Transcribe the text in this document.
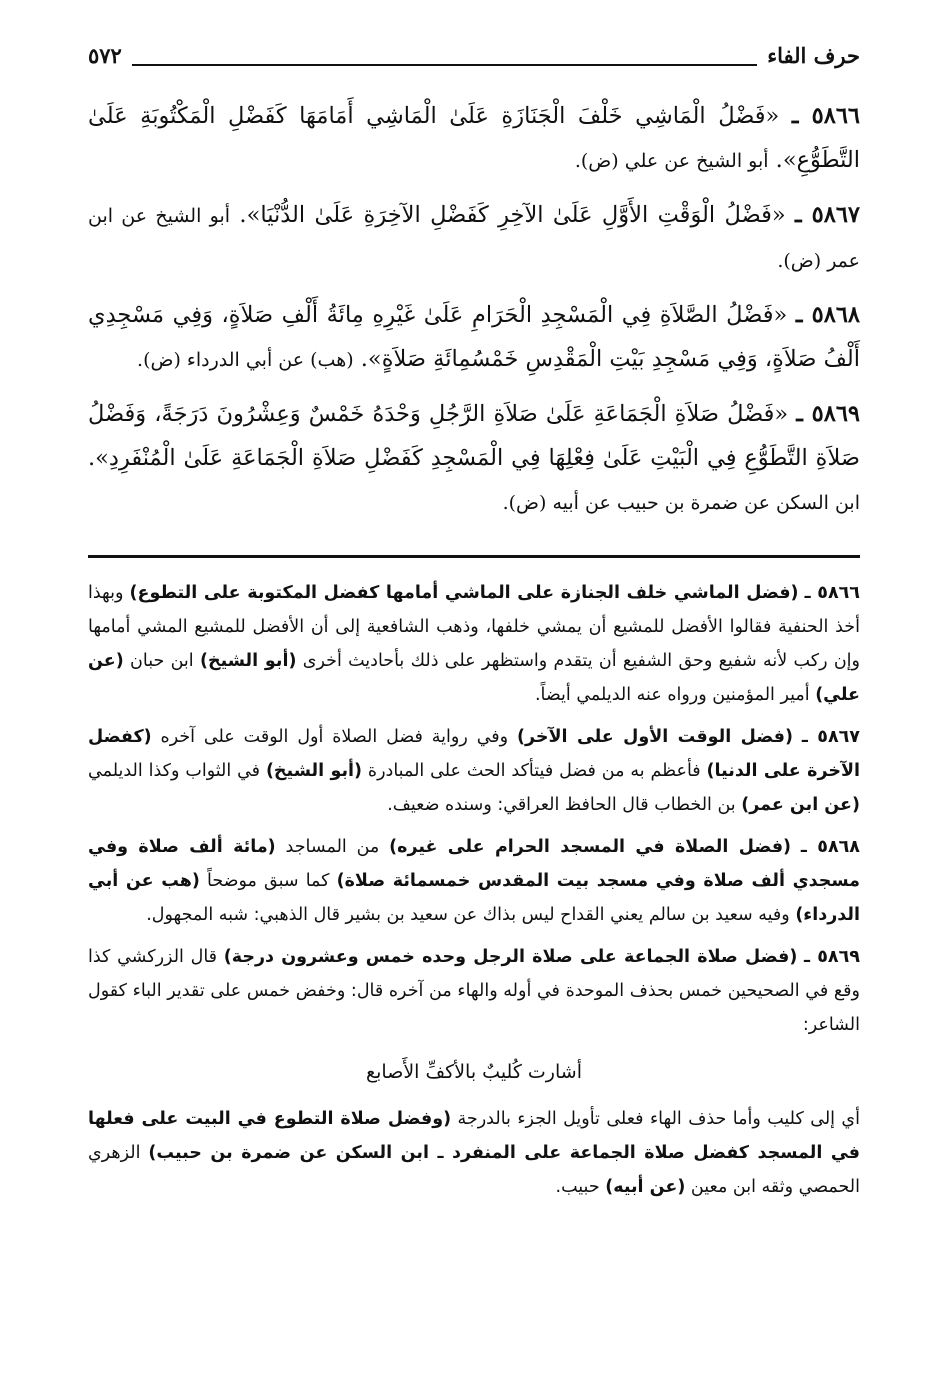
حرف الفاء
٥٧٢

٥٨٦٦ ـ «فَضْلُ الْمَاشِي خَلْفَ الْجَنَازَةِ عَلَىٰ الْمَاشِي أَمَامَهَا كَفَضْلِ الْمَكْتُوبَةِ عَلَىٰ التَّطَوُّعِ». أبو الشيخ عن علي (ض).

٥٨٦٧ ـ «فَضْلُ الْوَقْتِ الأَوَّلِ عَلَىٰ الآخِرِ كَفَضْلِ الآخِرَةِ عَلَىٰ الدُّنْيَا». أبو الشيخ عن ابن عمر (ض).

٥٨٦٨ ـ «فَضْلُ الصَّلاَةِ فِي الْمَسْجِدِ الْحَرَامِ عَلَىٰ غَيْرِهِ مِائَةُ أَلْفِ صَلاَةٍ، وَفِي مَسْجِدِي أَلْفُ صَلاَةٍ، وَفِي مَسْجِدِ بَيْتِ الْمَقْدِسِ خَمْسُمِائَةِ صَلاَةٍ». (هب) عن أبي الدرداء (ض).

٥٨٦٩ ـ «فَضْلُ صَلاَةِ الْجَمَاعَةِ عَلَىٰ صَلاَةِ الرَّجُلِ وَحْدَهُ خَمْسٌ وَعِشْرُونَ دَرَجَةً، وَفَضْلُ صَلاَةِ التَّطَوُّعِ فِي الْبَيْتِ عَلَىٰ فِعْلِهَا فِي الْمَسْجِدِ كَفَضْلِ صَلاَةِ الْجَمَاعَةِ عَلَىٰ الْمُنْفَرِدِ». ابن السكن عن ضمرة بن حبيب عن أبيه (ض).

٥٨٦٦ ـ (فضل الماشي خلف الجنازة على الماشي أمامها كفضل المكتوبة على التطوع) وبهذا أخذ الحنفية فقالوا الأفضل للمشيع أن يمشي خلفها، وذهب الشافعية إلى أن الأفضل للمشيع المشي أمامها وإن ركب لأنه شفيع وحق الشفيع أن يتقدم واستظهر على ذلك بأحاديث أخرى (أبو الشيخ) ابن حبان (عن علي) أمير المؤمنين ورواه عنه الديلمي أيضاً.

٥٨٦٧ ـ (فضل الوقت الأول على الآخر) وفي رواية فضل الصلاة أول الوقت على آخره (كفضل الآخرة على الدنيا) فأعظم به من فضل فيتأكد الحث على المبادرة (أبو الشيخ) في الثواب وكذا الديلمي (عن ابن عمر) بن الخطاب قال الحافظ العراقي: وسنده ضعيف.

٥٨٦٨ ـ (فضل الصلاة في المسجد الحرام على غيره) من المساجد (مائة ألف صلاة وفي مسجدي ألف صلاة وفي مسجد بيت المقدس خمسمائة صلاة) كما سبق موضحاً (هب عن أبي الدرداء) وفيه سعيد بن سالم يعني القداح ليس بذاك عن سعيد بن بشير قال الذهبي: شبه المجهول.

٥٨٦٩ ـ (فضل صلاة الجماعة على صلاة الرجل وحده خمس وعشرون درجة) قال الزركشي كذا وقع في الصحيحين خمس بحذف الموحدة في أوله والهاء من آخره قال: وخفض خمس على تقدير الباء كقول الشاعر:

أشارت كُليبٌ بالأكفِّ الأَصابع

أي إلى كليب وأما حذف الهاء فعلى تأويل الجزء بالدرجة (وفضل صلاة التطوع في البيت على فعلها في المسجد كفضل صلاة الجماعة على المنفرد ـ ابن السكن عن ضمرة بن حبيب) الزهري الحمصي وثقه ابن معين (عن أبيه) حبيب.
